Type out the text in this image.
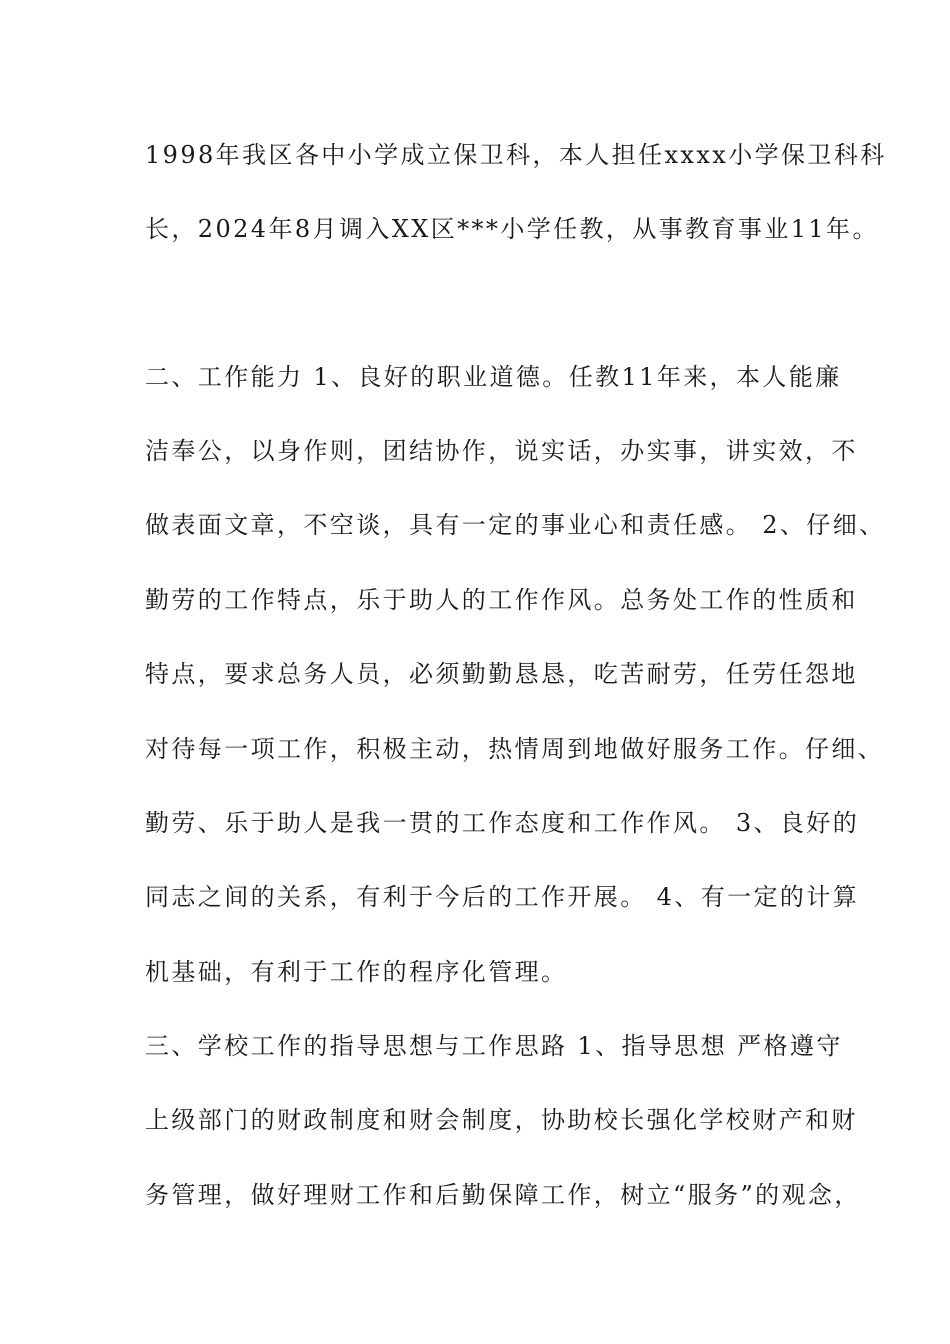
1998年我区各中小学成立保卫科，本人担任xxxx小学保卫科科
长，2024年8月调入XX区***小学任教，从事教育事业11年。
二、工作能力 1、良好的职业道德。任教11年来，本人能廉
洁奉公，以身作则，团结协作，说实话，办实事，讲实效，不
做表面文章，不空谈，具有一定的事业心和责任感。 2、仔细、
勤劳的工作特点，乐于助人的工作作风。总务处工作的性质和
特点，要求总务人员，必须勤勤恳恳，吃苦耐劳，任劳任怨地
对待每一项工作，积极主动，热情周到地做好服务工作。仔细、
勤劳、乐于助人是我一贯的工作态度和工作作风。 3、良好的
同志之间的关系，有利于今后的工作开展。 4、有一定的计算
机基础，有利于工作的程序化管理。
三、学校工作的指导思想与工作思路 1、指导思想 严格遵守
上级部门的财政制度和财会制度，协助校长强化学校财产和财
务管理，做好理财工作和后勤保障工作，树立“服务”的观念，
